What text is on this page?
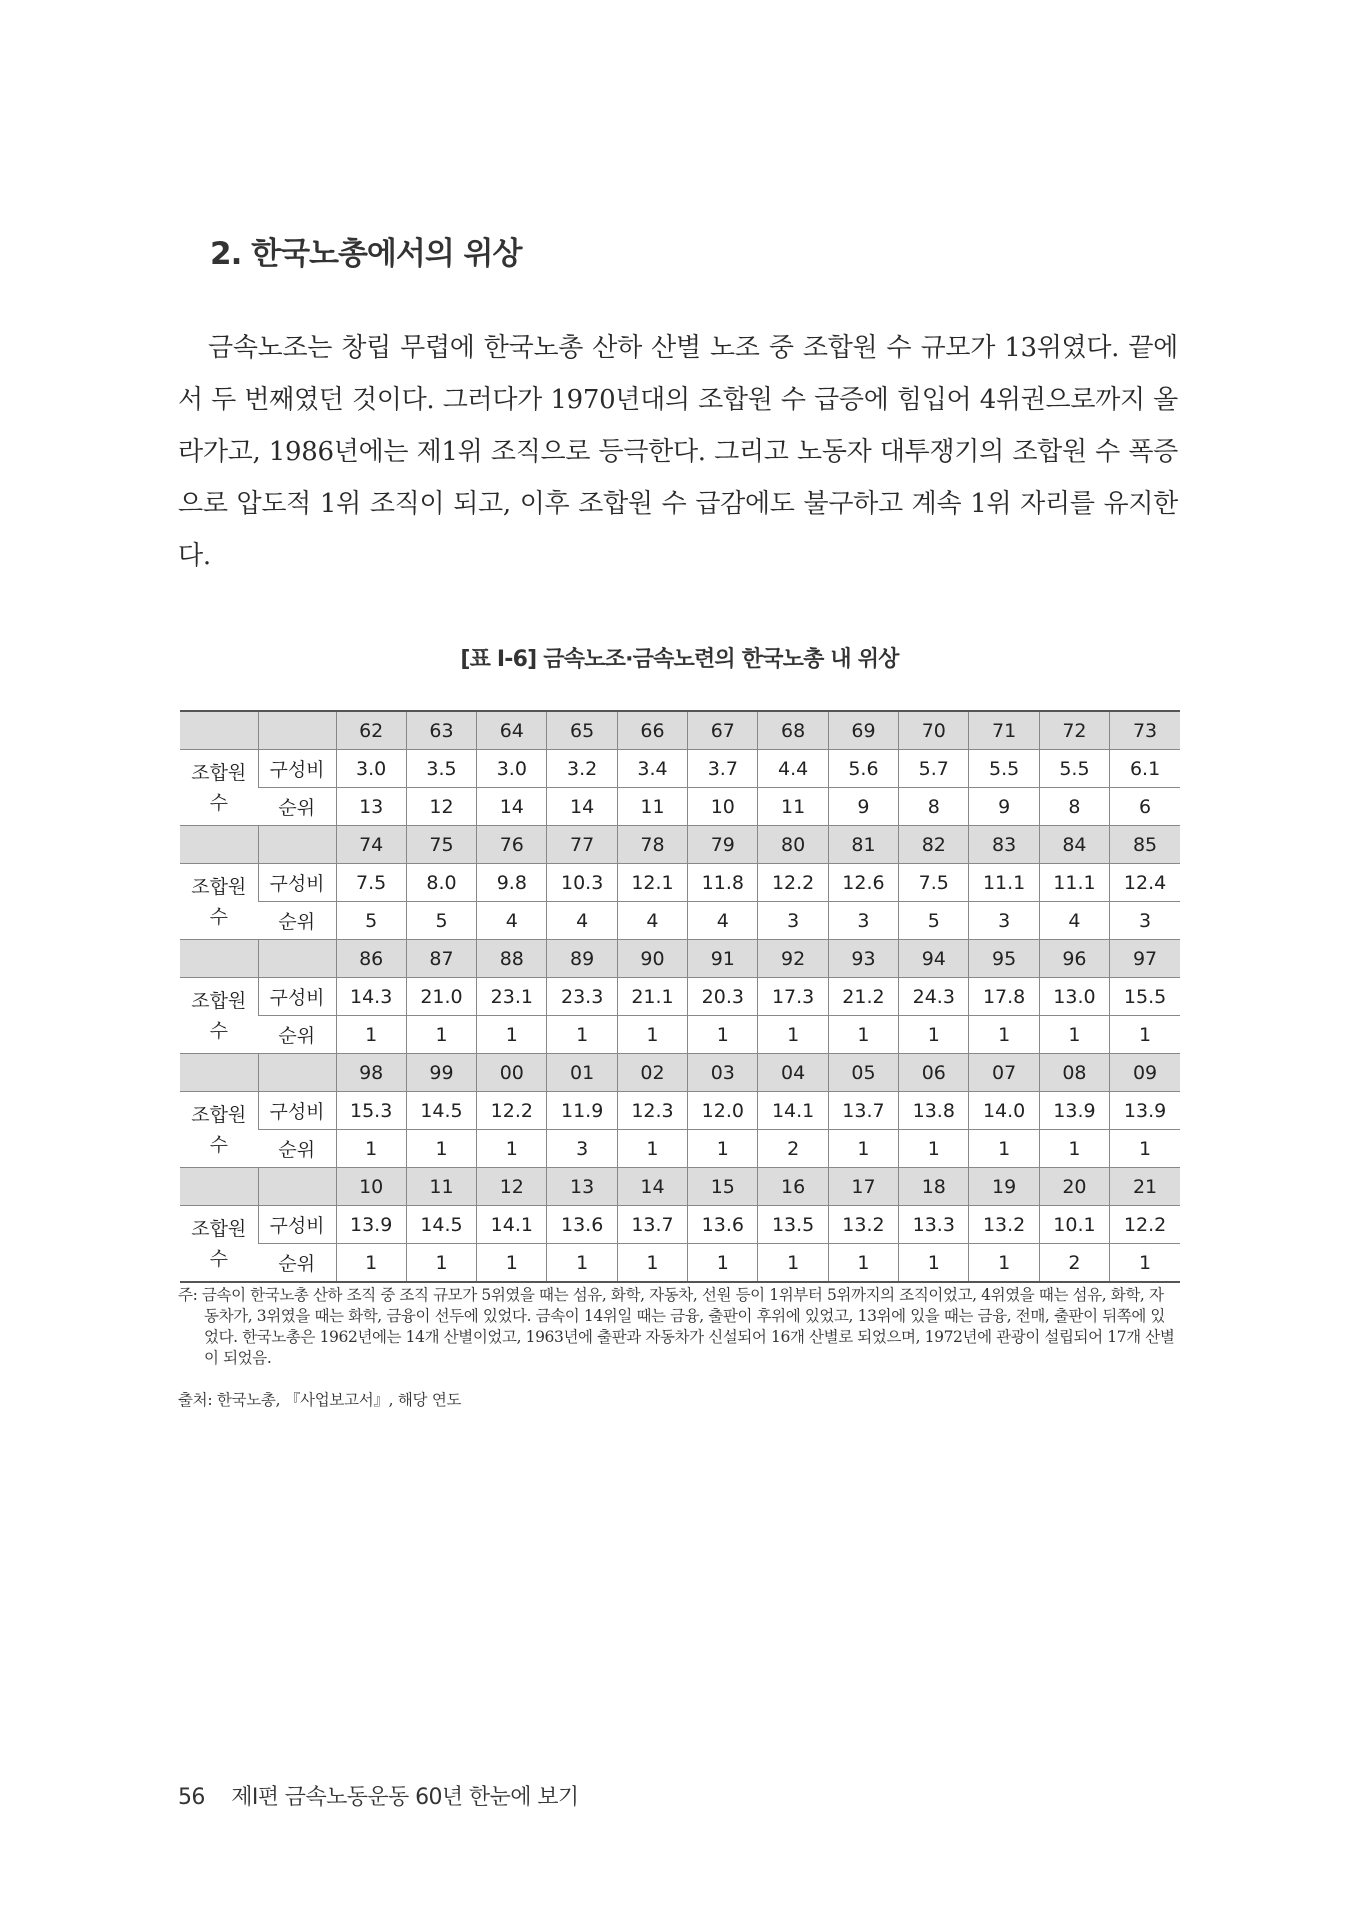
2. 한국노총에서의 위상

금속노조는 창립 무렵에 한국노총 산하 산별 노조 중 조합원 수 규모가 13위였다. 끝에서 두 번째였던 것이다. 그러다가 1970년대의 조합원 수 급증에 힘입어 4위권으로까지 올라가고, 1986년에는 제1위 조직으로 등극한다. 그리고 노동자 대투쟁기의 조합원 수 폭증으로 압도적 1위 조직이 되고, 이후 조합원 수 급감에도 불구하고 계속 1위 자리를 유지한다.

[표 Ⅰ-6] 금속노조·금속노련의 한국노총 내 위상

		62	63	64	65	66	67	68	69	70	71	72	73
조합원
수	구성비	3.0	3.5	3.0	3.2	3.4	3.7	4.4	5.6	5.7	5.5	5.5	6.1
	순위	13	12	14	14	11	10	11	9	8	9	8	6
		74	75	76	77	78	79	80	81	82	83	84	85
조합원
수	구성비	7.5	8.0	9.8	10.3	12.1	11.8	12.2	12.6	7.5	11.1	11.1	12.4
	순위	5	5	4	4	4	4	3	3	5	3	4	3
		86	87	88	89	90	91	92	93	94	95	96	97
조합원
수	구성비	14.3	21.0	23.1	23.3	21.1	20.3	17.3	21.2	24.3	17.8	13.0	15.5
	순위	1	1	1	1	1	1	1	1	1	1	1	1
		98	99	00	01	02	03	04	05	06	07	08	09
조합원
수	구성비	15.3	14.5	12.2	11.9	12.3	12.0	14.1	13.7	13.8	14.0	13.9	13.9
	순위	1	1	1	3	1	1	2	1	1	1	1	1
		10	11	12	13	14	15	16	17	18	19	20	21
조합원
수	구성비	13.9	14.5	14.1	13.6	13.7	13.6	13.5	13.2	13.3	13.2	10.1	12.2
	순위	1	1	1	1	1	1	1	1	1	1	2	1

주: 금속이 한국노총 산하 조직 중 조직 규모가 5위였을 때는 섬유, 화학, 자동차, 선원 등이 1위부터 5위까지의 조직이었고, 4위였을 때는 섬유, 화학, 자동차가, 3위였을 때는 화학, 금융이 선두에 있었다. 금속이 14위일 때는 금융, 출판이 후위에 있었고, 13위에 있을 때는 금융, 전매, 출판이 뒤쪽에 있었다. 한국노총은 1962년에는 14개 산별이었고, 1963년에 출판과 자동차가 신설되어 16개 산별로 되었으며, 1972년에 관광이 설립되어 17개 산별이 되었음.

출처: 한국노총, 『사업보고서』, 해당 연도

56 제Ⅰ편 금속노동운동 60년 한눈에 보기
